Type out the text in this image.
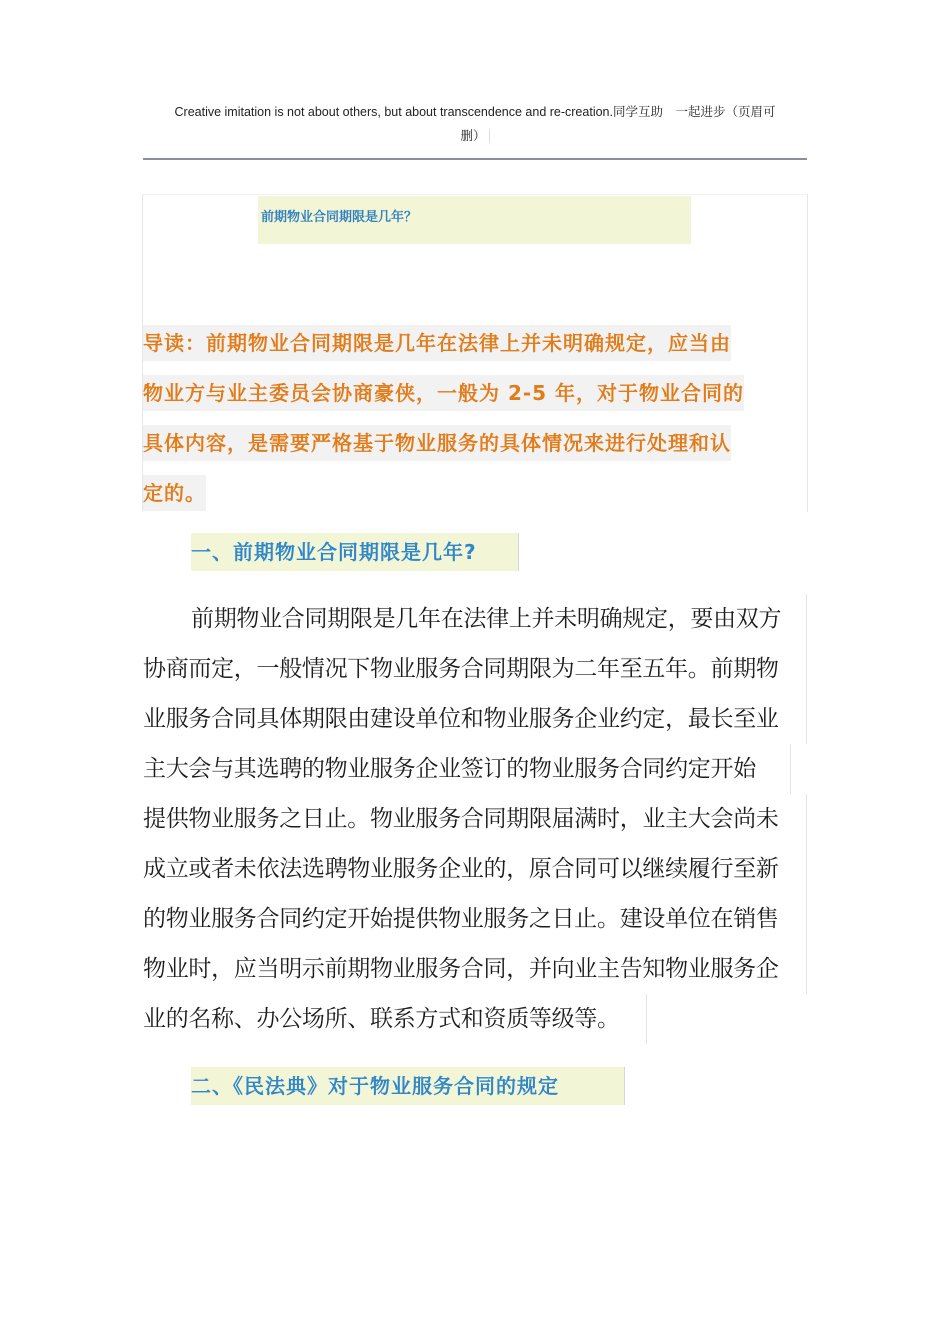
Creative imitation is not about others, but about transcendence and re-creation.同学互助　一起进步（页眉可
删）
前期物业合同期限是几年？
导读：前期物业合同期限是几年在法律上并未明确规定，应当由
物业方与业主委员会协商豪侠，一般为 2-5 年，对于物业合同的
具体内容，是需要严格基于物业服务的具体情况来进行处理和认
定的。
一、前期物业合同期限是几年?
前期物业合同期限是几年在法律上并未明确规定，要由双方
协商而定，一般情况下物业服务合同期限为二年至五年。前期物
业服务合同具体期限由建设单位和物业服务企业约定，最长至业
主大会与其选聘的物业服务企业签订的物业服务合同约定开始
提供物业服务之日止。物业服务合同期限届满时，业主大会尚未
成立或者未依法选聘物业服务企业的，原合同可以继续履行至新
的物业服务合同约定开始提供物业服务之日止。建设单位在销售
物业时，应当明示前期物业服务合同，并向业主告知物业服务企
业的名称、办公场所、联系方式和资质等级等。
二、《民法典》对于物业服务合同的规定
